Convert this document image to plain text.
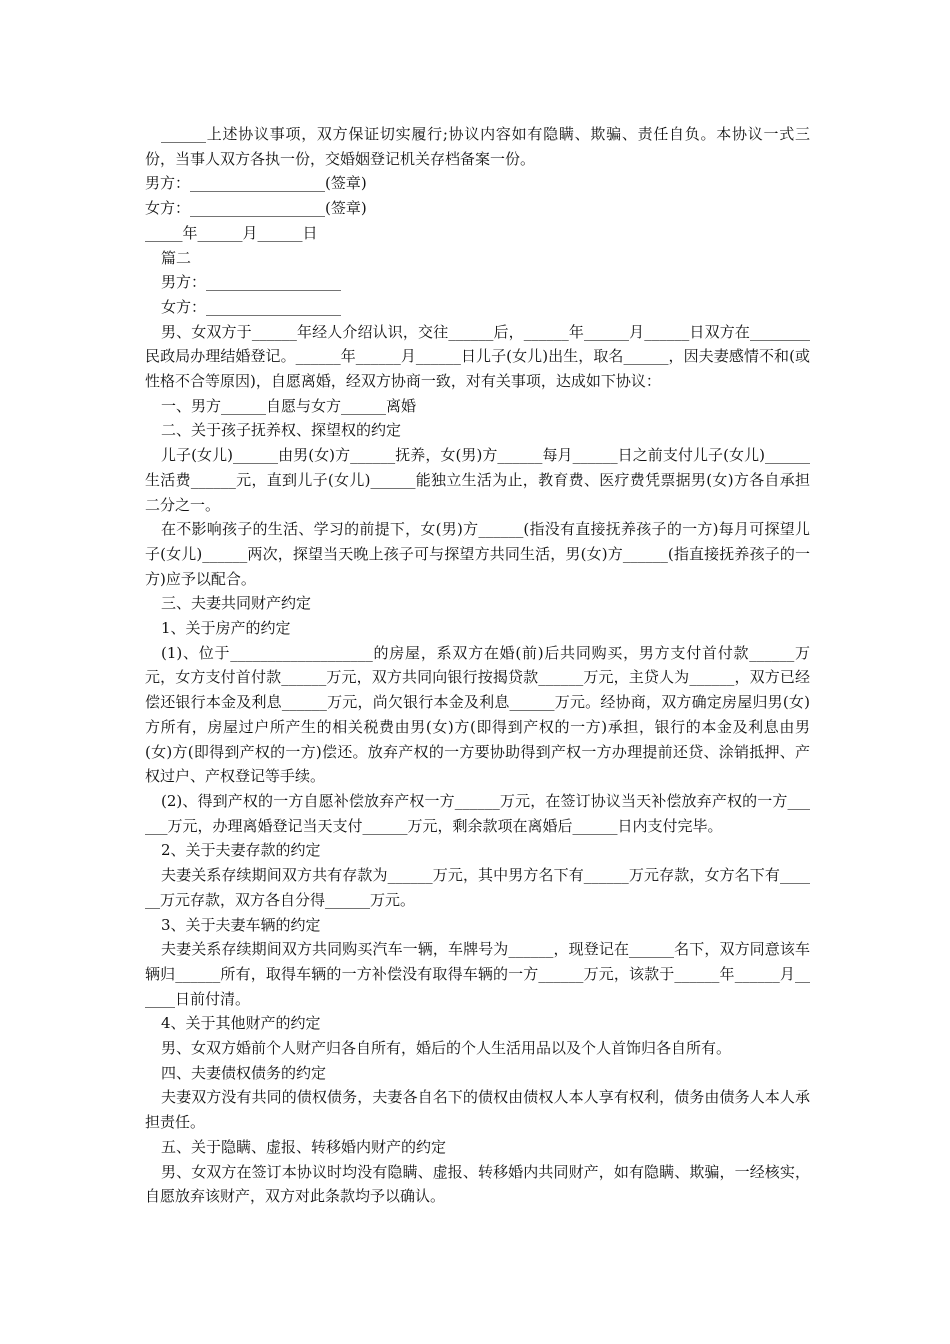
______上述协议事项，双方保证切实履行;协议内容如有隐瞒、欺骗、责任自负。本协议一式三份，当事人双方各执一份，交婚姻登记机关存档备案一份。

男方：__________________(签章)

女方：__________________(签章)

_____年______月______日

篇二

男方：__________________

女方：__________________

男、女双方于______年经人介绍认识，交往______后，______年______月______日双方在________民政局办理结婚登记。______年______月______日儿子(女儿)出生，取名______，因夫妻感情不和(或性格不合等原因)，自愿离婚，经双方协商一致，对有关事项，达成如下协议：

一、男方______自愿与女方______离婚

二、关于孩子抚养权、探望权的约定

儿子(女儿)______由男(女)方______抚养，女(男)方______每月______日之前支付儿子(女儿)______生活费______元，直到儿子(女儿)______能独立生活为止，教育费、医疗费凭票据男(女)方各自承担二分之一。

在不影响孩子的生活、学习的前提下，女(男)方______(指没有直接抚养孩子的一方)每月可探望儿子(女儿)______两次，探望当天晚上孩子可与探望方共同生活，男(女)方______(指直接抚养孩子的一方)应予以配合。

三、夫妻共同财产约定

1、关于房产的约定

(1)、位于___________________的房屋，系双方在婚(前)后共同购买，男方支付首付款______万元，女方支付首付款______万元，双方共同向银行按揭贷款______万元，主贷人为______，双方已经偿还银行本金及利息______万元，尚欠银行本金及利息______万元。经协商，双方确定房屋归男(女)方所有，房屋过户所产生的相关税费由男(女)方(即得到产权的一方)承担，银行的本金及利息由男(女)方(即得到产权的一方)偿还。放弃产权的一方要协助得到产权一方办理提前还贷、涂销抵押、产权过户、产权登记等手续。

(2)、得到产权的一方自愿补偿放弃产权一方______万元，在签订协议当天补偿放弃产权的一方______万元，办理离婚登记当天支付______万元，剩余款项在离婚后______日内支付完毕。

2、关于夫妻存款的约定

夫妻关系存续期间双方共有存款为______万元，其中男方名下有______万元存款，女方名下有______万元存款，双方各自分得______万元。

3、关于夫妻车辆的约定

夫妻关系存续期间双方共同购买汽车一辆，车牌号为______，现登记在______名下，双方同意该车辆归______所有，取得车辆的一方补偿没有取得车辆的一方______万元，该款于______年______月______日前付清。

4、关于其他财产的约定

男、女双方婚前个人财产归各自所有，婚后的个人生活用品以及个人首饰归各自所有。

四、夫妻债权债务的约定

夫妻双方没有共同的债权债务，夫妻各自名下的债权由债权人本人享有权利，债务由债务人本人承担责任。

五、关于隐瞒、虚报、转移婚内财产的约定

男、女双方在签订本协议时均没有隐瞒、虚报、转移婚内共同财产，如有隐瞒、欺骗，一经核实，自愿放弃该财产，双方对此条款均予以确认。
